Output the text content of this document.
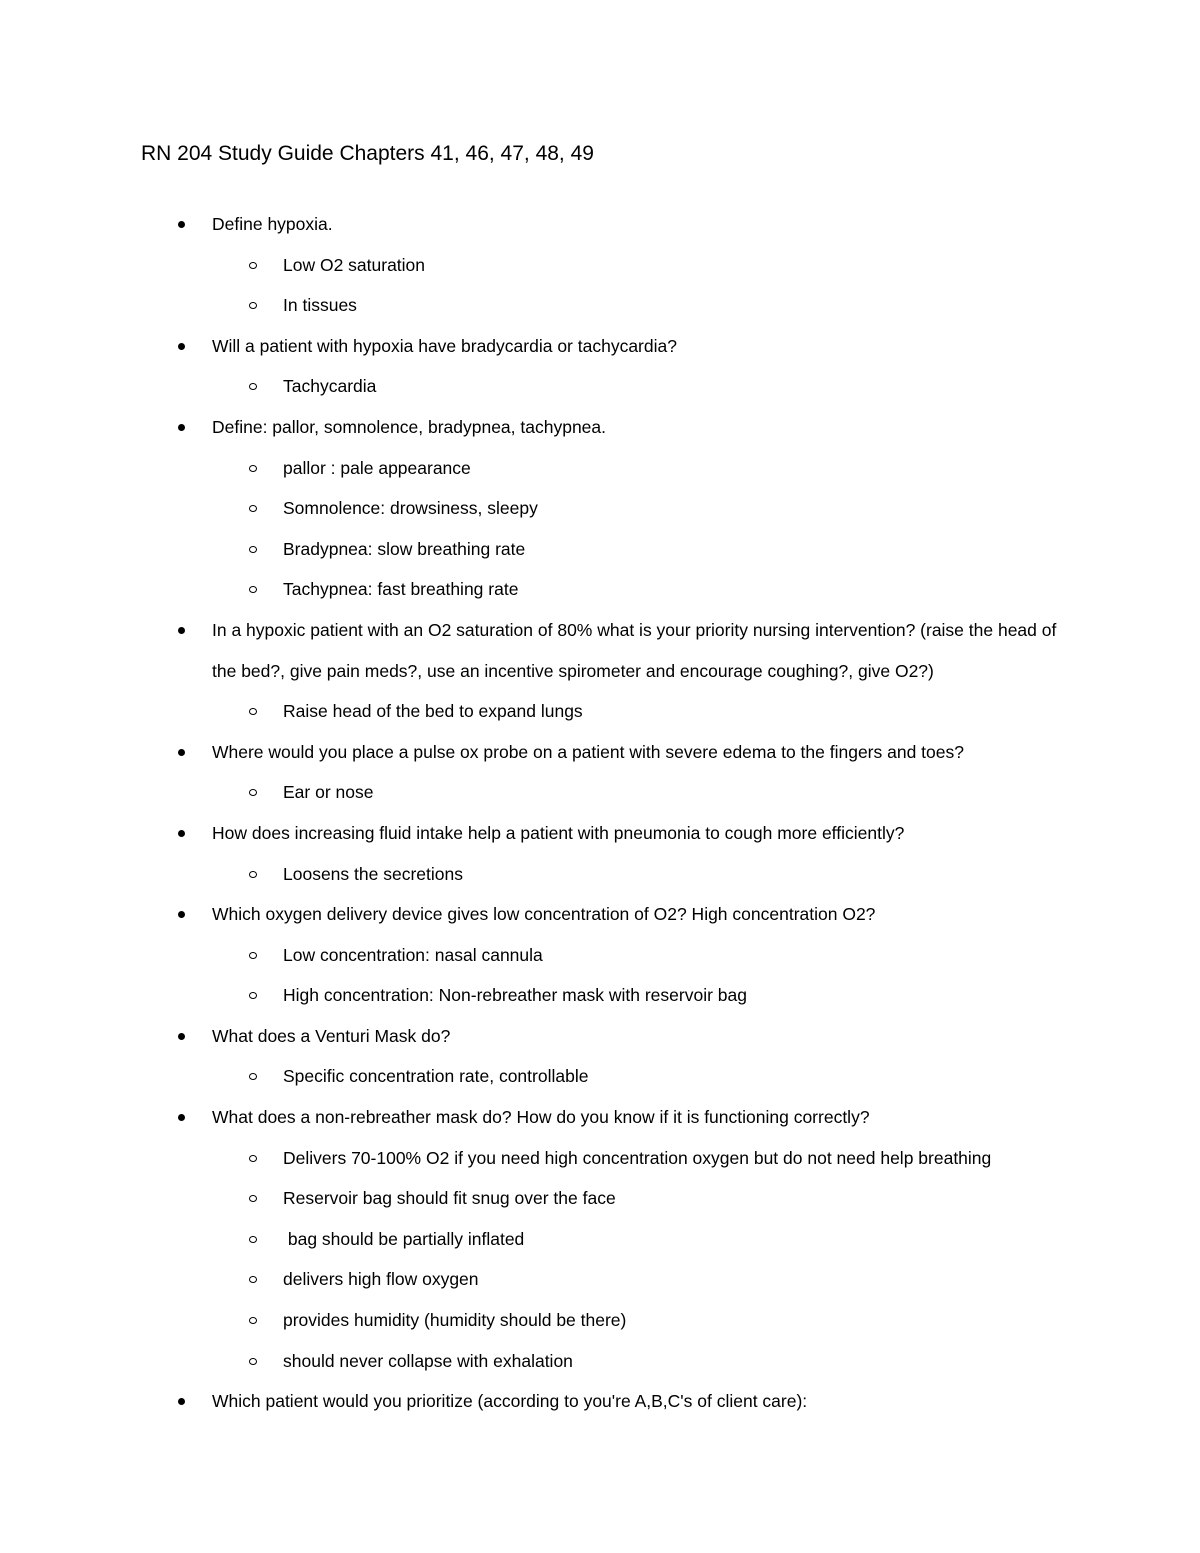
RN 204 Study Guide Chapters 41, 46, 47, 48, 49
Define hypoxia.
Low O2 saturation
In tissues
Will a patient with hypoxia have bradycardia or tachycardia?
Tachycardia
Define: pallor, somnolence, bradypnea, tachypnea.
pallor : pale appearance
Somnolence: drowsiness, sleepy
Bradypnea: slow breathing rate
Tachypnea: fast breathing rate
In a hypoxic patient with an O2 saturation of 80% what is your priority nursing intervention? (raise the head of the bed?, give pain meds?, use an incentive spirometer and encourage coughing?, give O2?)
Raise head of the bed to expand lungs
Where would you place a pulse ox probe on a patient with severe edema to the fingers and toes?
Ear or nose
How does increasing fluid intake help a patient with pneumonia to cough more efficiently?
Loosens the secretions
Which oxygen delivery device gives low concentration of O2? High concentration O2?
Low concentration: nasal cannula
High concentration: Non-rebreather mask with reservoir bag
What does a Venturi Mask do?
Specific concentration rate, controllable
What does a non-rebreather mask do? How do you know if it is functioning correctly?
Delivers 70-100% O2 if you need high concentration oxygen but do not need help breathing
Reservoir bag should fit snug over the face
bag should be partially inflated
delivers high flow oxygen
provides humidity (humidity should be there)
should never collapse with exhalation
Which patient would you prioritize (according to you're A,B,C's of client care):
